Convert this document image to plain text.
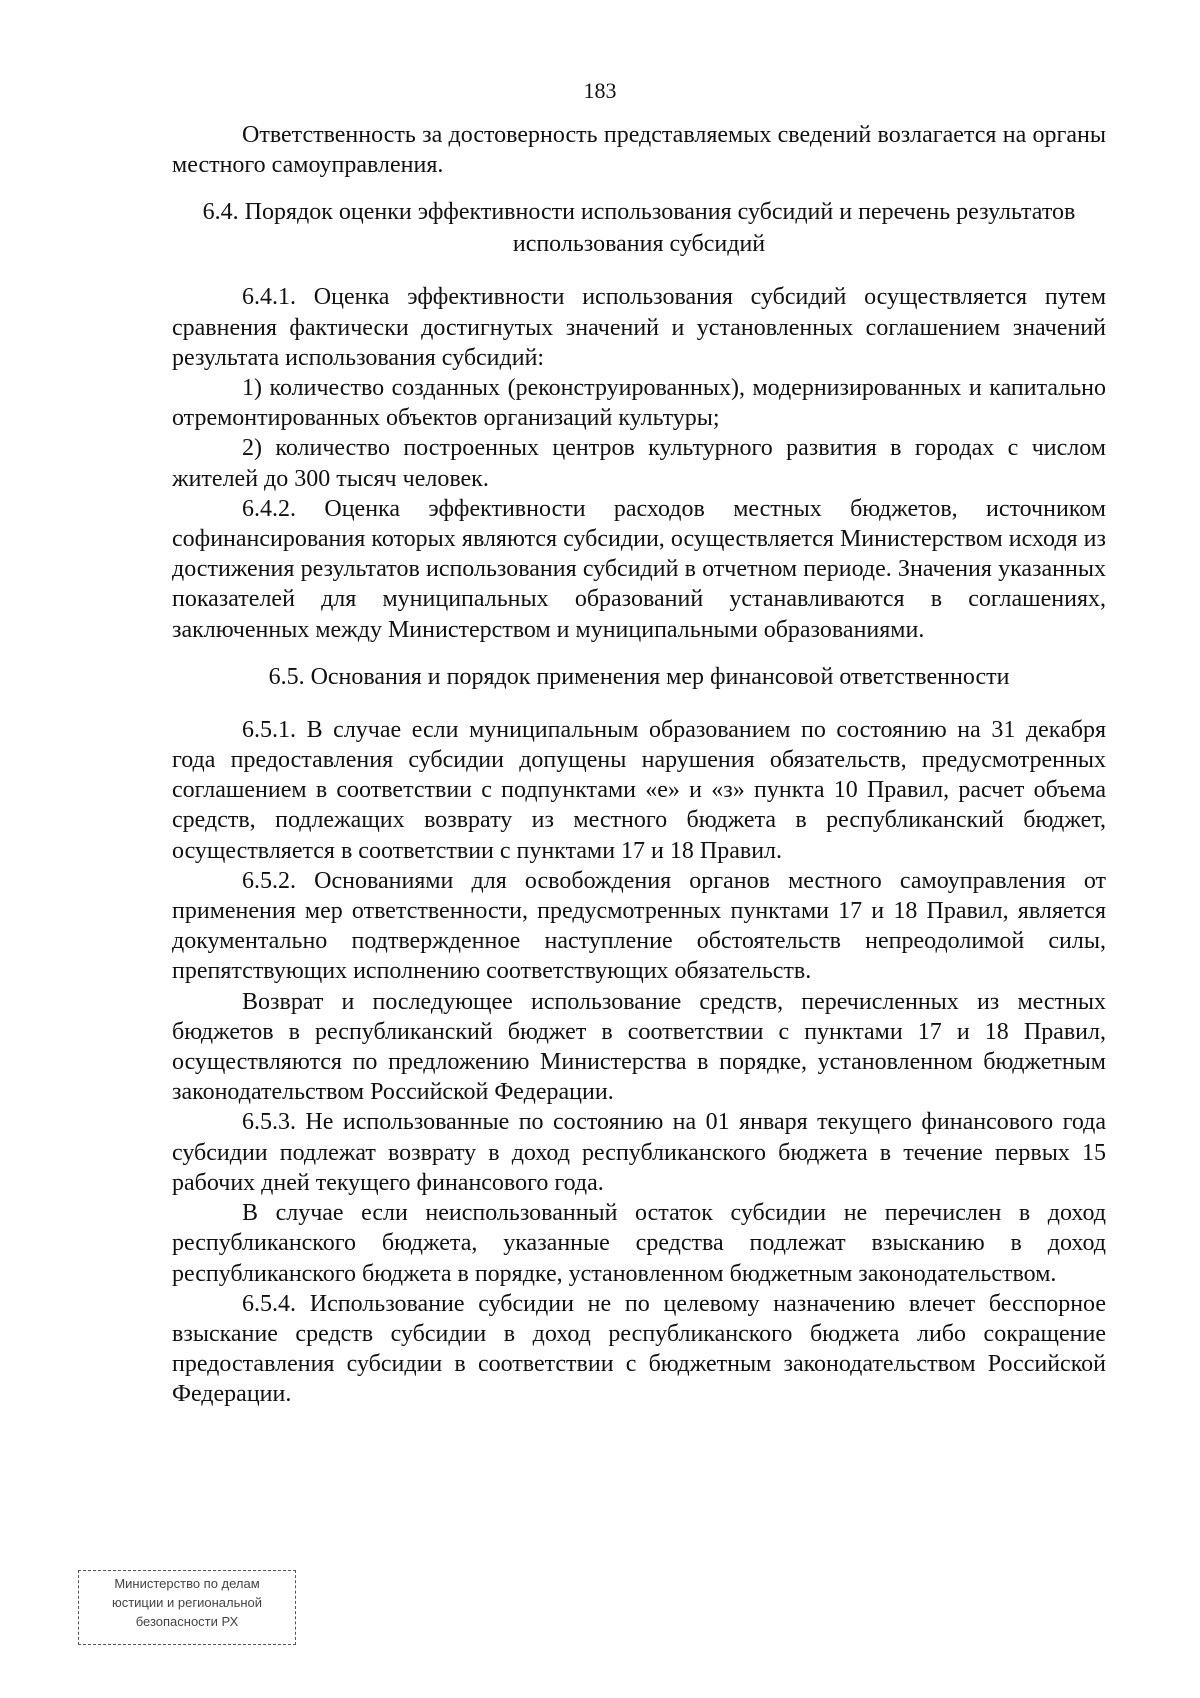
183

Ответственность за достоверность представляемых сведений возлагается на органы местного самоуправления.

6.4. Порядок оценки эффективности использования субсидий и перечень результатов использования субсидий

6.4.1. Оценка эффективности использования субсидий осуществляется путем сравнения фактически достигнутых значений и установленных соглашением значений результата использования субсидий:

1) количество созданных (реконструированных), модернизированных и капитально отремонтированных объектов организаций культуры;

2) количество построенных центров культурного развития в городах с числом жителей до 300 тысяч человек.

6.4.2. Оценка эффективности расходов местных бюджетов, источником софинансирования которых являются субсидии, осуществляется Министерством исходя из достижения результатов использования субсидий в отчетном периоде. Значения указанных показателей для муниципальных образований устанавливаются в соглашениях, заключенных между Министерством и муниципальными образованиями.

6.5. Основания и порядок применения мер финансовой ответственности

6.5.1. В случае если муниципальным образованием по состоянию на 31 декабря года предоставления субсидии допущены нарушения обязательств, предусмотренных соглашением в соответствии с подпунктами «е» и «з» пункта 10 Правил, расчет объема средств, подлежащих возврату из местного бюджета в республиканский бюджет, осуществляется в соответствии с пунктами 17 и 18 Правил.

6.5.2. Основаниями для освобождения органов местного самоуправления от применения мер ответственности, предусмотренных пунктами 17 и 18 Правил, является документально подтвержденное наступление обстоятельств непреодолимой силы, препятствующих исполнению соответствующих обязательств.

Возврат и последующее использование средств, перечисленных из местных бюджетов в республиканский бюджет в соответствии с пунктами 17 и 18 Правил, осуществляются по предложению Министерства в порядке, установленном бюджетным законодательством Российской Федерации.

6.5.3. Не использованные по состоянию на 01 января текущего финансового года субсидии подлежат возврату в доход республиканского бюджета в течение первых 15 рабочих дней текущего финансового года.

В случае если неиспользованный остаток субсидии не перечислен в доход республиканского бюджета, указанные средства подлежат взысканию в доход республиканского бюджета в порядке, установленном бюджетным законодательством.

6.5.4. Использование субсидии не по целевому назначению влечет бесспорное взыскание средств субсидии в доход республиканского бюджета либо сокращение предоставления субсидии в соответствии с бюджетным законодательством Российской Федерации.

Министерство по делам
юстиции и региональной
безопасности РХ
